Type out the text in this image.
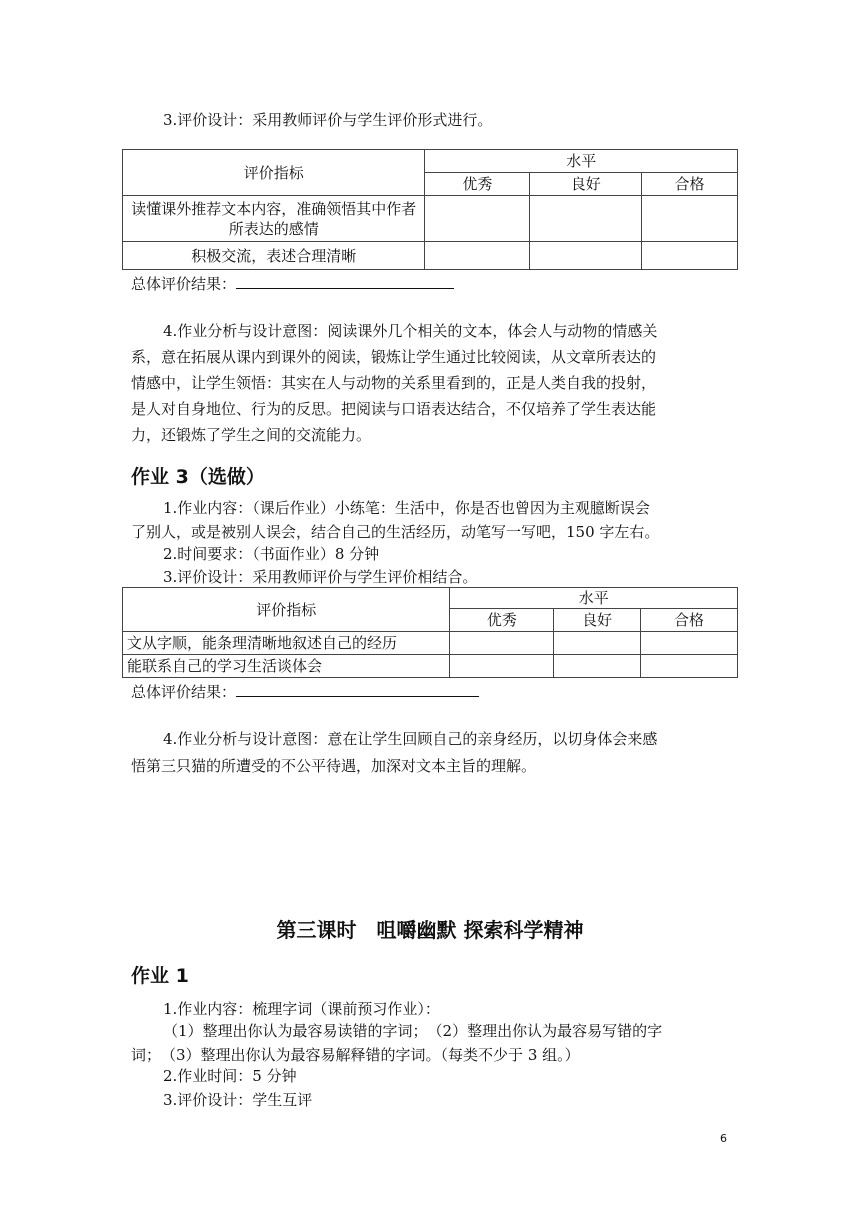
3.评价设计：采用教师评价与学生评价形式进行。
评价指标	水平		
	优秀	良好	合格
读懂课外推荐文本内容，准确领悟其中作者所表达的感情			
积极交流，表述合理清晰			
总体评价结果：
4.作业分析与设计意图：阅读课外几个相关的文本，体会人与动物的情感关
系，意在拓展从课内到课外的阅读，锻炼让学生通过比较阅读，从文章所表达的
情感中，让学生领悟：其实在人与动物的关系里看到的，正是人类自我的投射，
是人对自身地位、行为的反思。把阅读与口语表达结合，不仅培养了学生表达能
力，还锻炼了学生之间的交流能力。
作业 3（选做）
1.作业内容：（课后作业）小练笔：生活中，你是否也曾因为主观臆断误会
了别人，或是被别人误会，结合自己的生活经历，动笔写一写吧，150 字左右。
2.时间要求：（书面作业）8 分钟
3.评价设计：采用教师评价与学生评价相结合。
评价指标	水平		
	优秀	良好	合格
文从字顺，能条理清晰地叙述自己的经历			
能联系自己的学习生活谈体会			
总体评价结果：
4.作业分析与设计意图：意在让学生回顾自己的亲身经历，以切身体会来感
悟第三只猫的所遭受的不公平待遇，加深对文本主旨的理解。
第三课时　咀嚼幽默 探索科学精神
作业 1
1.作业内容：梳理字词（课前预习作业）：
（1）整理出你认为最容易读错的字词；　（2）整理出你认为最容易写错的字
词；　（3）整理出你认为最容易解释错的字词。（每类不少于 3 组。）
2.作业时间：5 分钟
3.评价设计：学生互评
6
